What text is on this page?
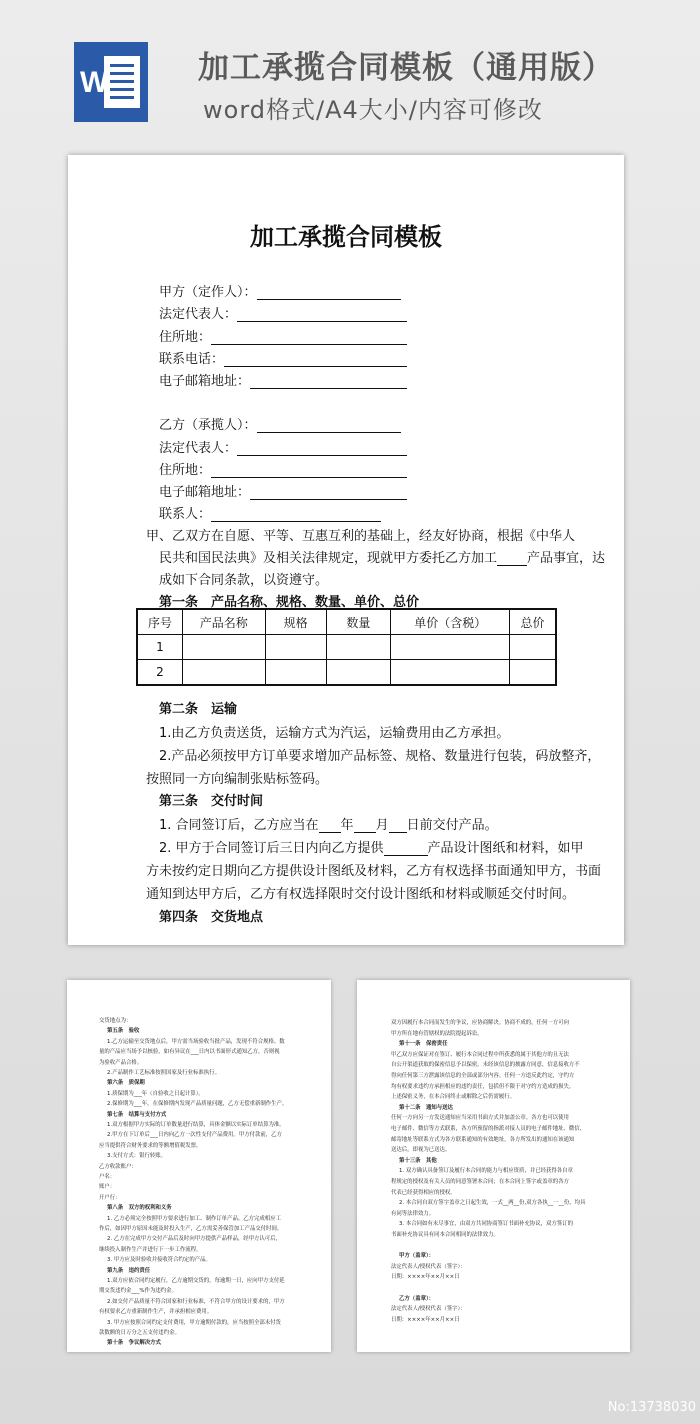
W	加工承揽合同模板（通用版）
word格式/A4大小/内容可修改
加工承揽合同模板
甲方（定作人）：
法定代表人：
住所地：
联系电话：
电子邮箱地址：
乙方（承揽人）：
法定代表人：
住所地：
电子邮箱地址：
联系人：
甲、乙双方在自愿、平等、互惠互利的基础上，经友好协商，根据《中华人
民共和国民法典》及相关法律规定，现就甲方委托乙方加工 产品事宜，达
成如下合同条款，以资遵守。
第一条　产品名称、规格、数量、单价、总价
序号	产品名称	规格	数量	单价（含税）	总价
1					
2					
第二条　运输
1.由乙方负责送货，运输方式为汽运，运输费用由乙方承担。
2.产品必须按甲方订单要求增加产品标签、规格、数量进行包装，码放整齐，
按照同一方向编制张贴标签码。
第三条　交付时间
1. 合同签订后，乙方应当在 年 月 日前交付产品。
2. 甲方于合同签订后三日内向乙方提供	产品设计图纸和材料，如甲
方未按约定日期向乙方提供设计图纸及材料，乙方有权选择书面通知甲方，书面
通知到达甲方后，乙方有权选择限时交付设计图纸和材料或顺延交付时间。
第四条　交货地点
交货地点为：
第五条　验收
1.乙方运输至交货地点后，甲方需当场验收当批产品，发现不符合规格、数
量的产品应当场予以核验，如有异议在___日内以书面形式通知乙方，否则视
为验收产品合格。
2.产品制作工艺标准按照国家及行业标准执行。
第六条　质保期
1.质保期为___年（自验收之日起计算）。
2.保修期为___年，在保修期内发现产品质量问题，乙方无偿重新制作生产。
第七条　结算与支付方式
1.双方根据甲方实际的订单数量进行结算，具体金额以实际订单结算为准。
2.甲方在下订单后___日内向乙方一次性支付产品费用。甲方付款前，乙方
应当提供符合财务要求的等额增值税发票。
3.支付方式：银行转账。
乙方收款账户：
户名：
账户：
开户行：
第八条　双方的权利和义务
1. 乙方必须完全按照甲方要求进行加工、制作订单产品。乙方完成相应工
作后，如因甲方原因未能及时投入生产，乙方需妥善保管加工产品交付时间。
2. 乙方在完成甲方交付产品后及时向甲方提供产品样品，经甲方认可后，
继续投入制作生产并进行下一步工作流程。
3. 甲方应及时验收并接收符合约定的产品。
第九条　违约责任
1.双方应依合同约定履行，乙方逾期交货的，每逾期一日，应向甲方支付延
期交货违约金___%作为违约金。
2.如交付产品质量不符合国家和行业标准，不符合甲方的设计要求的，甲方
有权要求乙方重新制作生产，并承担相应费用。
3. 甲方应按照合同约定支付费用，甲方逾期付款的，应当按照全部未付货
款数额的日万分之五支付违约金。
第十条　争议解决方式
双方因履行本合同而发生的争议，应协商解决。协商不成的，任何一方可向
甲方所在地有管辖权的法院提起诉讼。
第十一条　保密责任
甲乙双方应保证对在签订、履行本合同过程中所获悉的属于其他方的且无法
自公开渠道获取的保密信息予以保密。未经该信息的披露方同意，信息接收方不
得向任何第三方泄露该信息的全部或部分内容。任何一方违反此约定，守约方
均有权要求违约方承担相应的违约责任，包括但不限于对守约方造成的损失。
上述保密义务，在本合同终止或解除之后仍需履行。
第十二条　通知与送达
任何一方向另一方发送通知应当采用书面方式并加盖公章。各方也可以使用
电子邮件、微信等方式联系，各方所预留的指派对接人员的电子邮件地址、微信、
邮寄地址等联系方式为各方联系通知的有效地址。各方所发出的通知在该通知
送达后，即视为已送达。
第十三条　其他
1. 双方确认具备签订及履行本合同的能力与相应资质，并已经获得各自章
程规定的授权及有关人员的同意签署本合同；在本合同上签字或盖章的各方
代表已经获得相应的授权。
2. 本合同自双方签字盖章之日起生效，一式__两__份,双方各执__一__份，均具
有同等法律效力。
3. 本合同如有未尽事宜，由双方共同协商签订书面补充协议，双方签订的
书面补充协议具有同本合同相同的法律效力。
甲方（盖章）：
法定代表人/授权代表（签字）：
日期：××××年××月××日
乙方（盖章）：
法定代表人/授权代表（签字）：
日期：××××年××月××日
No:13738030
